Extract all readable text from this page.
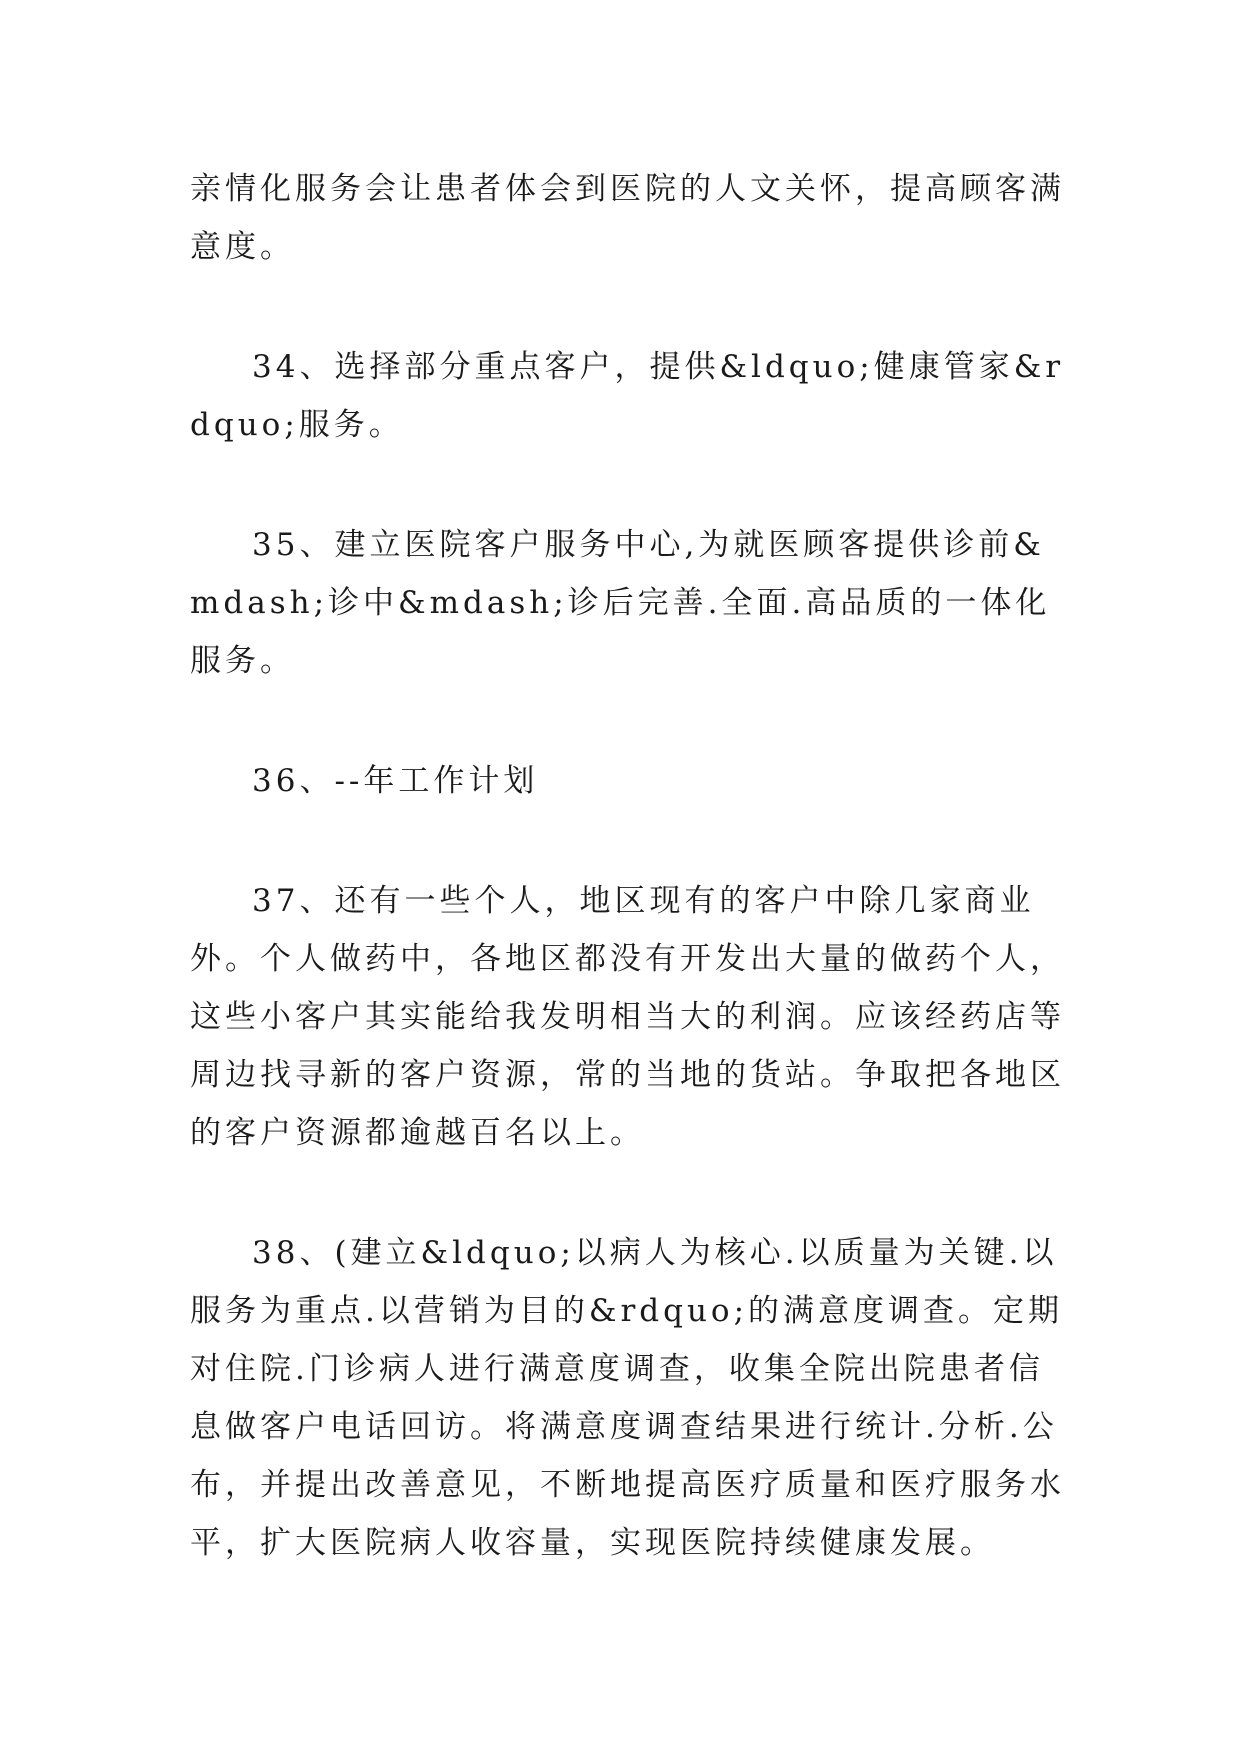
亲情化服务会让患者体会到医院的人文关怀，提高顾客满意度。

34、选择部分重点客户，提供&ldquo;健康管家&rdquo;服务。

35、建立医院客户服务中心,为就医顾客提供诊前&mdash;诊中&mdash;诊后完善.全面.高品质的一体化服务。

36、--年工作计划

37、还有一些个人，地区现有的客户中除几家商业外。个人做药中，各地区都没有开发出大量的做药个人，这些小客户其实能给我发明相当大的利润。应该经药店等周边找寻新的客户资源，常的当地的货站。争取把各地区的客户资源都逾越百名以上。

38、(建立&ldquo;以病人为核心.以质量为关键.以服务为重点.以营销为目的&rdquo;的满意度调查。定期对住院.门诊病人进行满意度调查，收集全院出院患者信息做客户电话回访。将满意度调查结果进行统计.分析.公布，并提出改善意见，不断地提高医疗质量和医疗服务水平，扩大医院病人收容量，实现医院持续健康发展。
